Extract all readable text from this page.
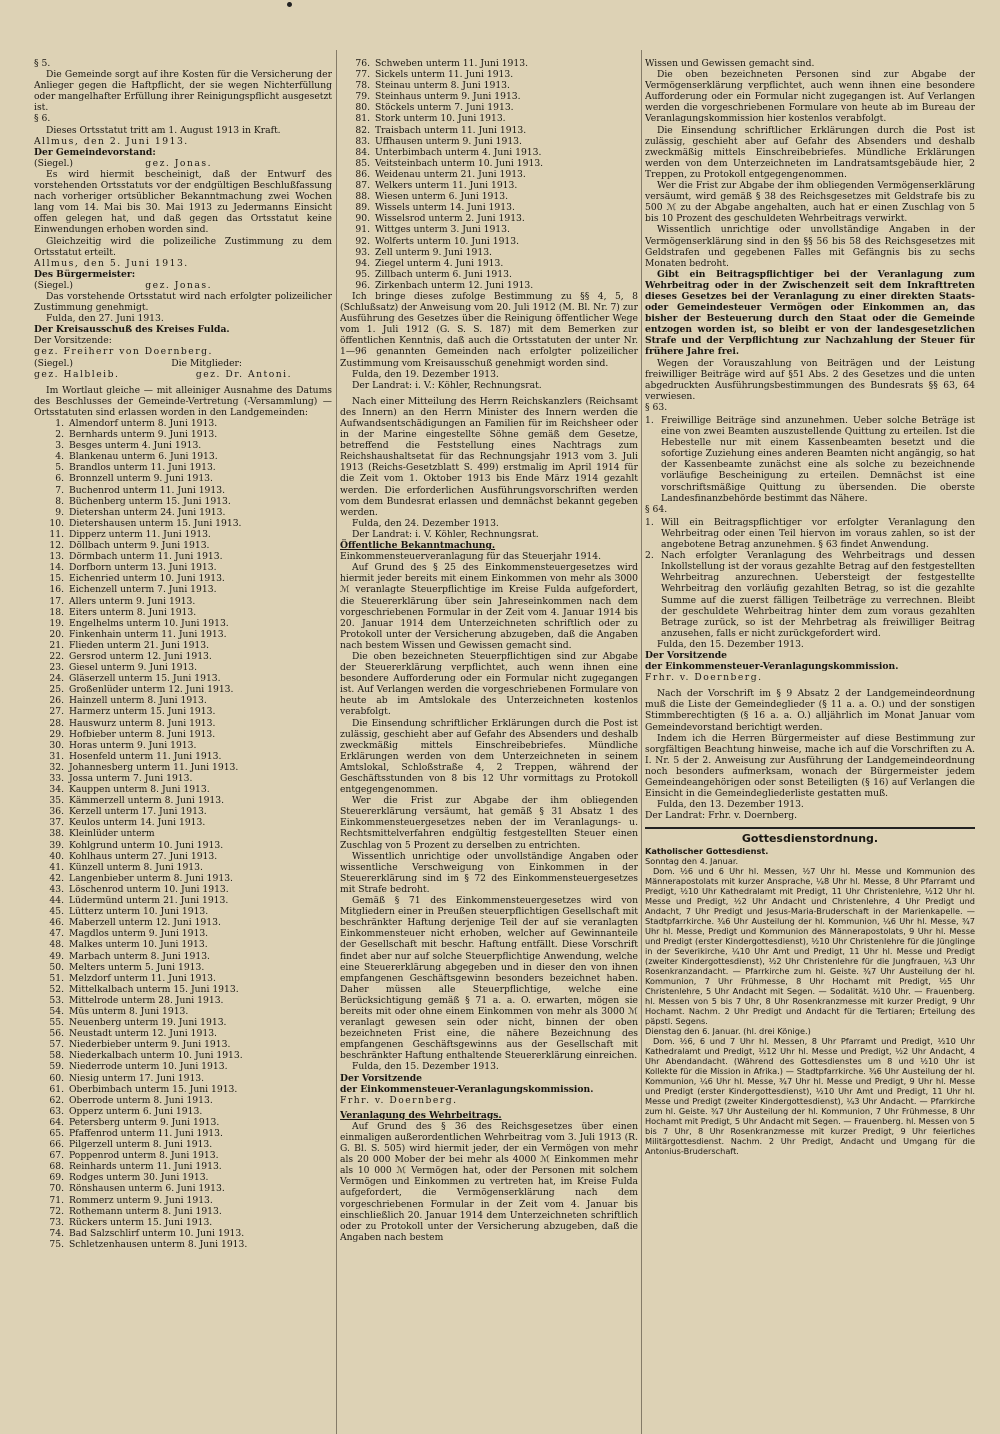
§ 5.

Die Gemeinde sorgt auf ihre Kosten für die Versicherung der Anlieger gegen die Haftpflicht, der sie wegen Nichterfüllung oder mangelhafter Erfüllung ihrer Reinigungspflicht ausgesetzt ist.

§ 6.

Dieses Ortsstatut tritt am 1. August 1913 in Kraft.

Allmus, den 2. Juni 1913.

Der Gemeindevorstand:

(Siegel.)	gez. Jonas.

Es wird hiermit bescheinigt, daß der Entwurf des vorstehenden Ortsstatuts vor der endgültigen Beschlußfassung nach vorheriger ortsüblicher Bekanntmachung zwei Wochen lang vom 14. Mai bis 30. Mai 1913 zu Jedermanns Einsicht offen gelegen hat, und daß gegen das Ortsstatut keine Einwendungen erhoben worden sind.

Gleichzeitig wird die polizeiliche Zustimmung zu dem Ortsstatut erteilt.

Allmus, den 5. Juni 1913.

Des Bürgermeister:

(Siegel.)	gez. Jonas.

Das vorstehende Ortsstatut wird nach erfolgter polizeilicher Zustimmung genehmigt.

Fulda, den 27. Juni 1913.

Der Kreisausschuß des Kreises Fulda.

Der Vorsitzende:

gez. Freiherr von Doernberg.

(Siegel.)	Die Mitglieder:
gez. Halbleib.	gez. Dr. Antoni.

Im Wortlaut gleiche — mit alleiniger Ausnahme des Datums des Beschlusses der Gemeinde-Vertretung (-Versammlung) — Ortsstatuten sind erlassen worden in den Landgemeinden:

1. Almendorf unterm 8. Juni 1913.
2. Bernhards unterm 9. Juni 1913.
3. Besges unterm 4. Juni 1913.
4. Blankenau unterm 6. Juni 1913.
5. Brandlos unterm 11. Juni 1913.
6. Bronnzell unterm 9. Juni 1913.
7. Buchenrod unterm 11. Juni 1913.
8. Büchenberg unterm 15. Juni 1913.
9. Dietershan unterm 24. Juni 1913.
10. Dietershausen unterm 15. Juni 1913.
11. Dipperz unterm 11. Juni 1913.
12. Döllbach unterm 9. Juni 1913.
13. Dörmbach unterm 11. Juni 1913.
14. Dorfborn unterm 13. Juni 1913.
15. Eichenried unterm 10. Juni 1913.
16. Eichenzell unterm 7. Juni 1913.
17. Allers unterm 9. Juni 1913.
18. Eiters unterm 8. Juni 1913.
19. Engelhelms unterm 10. Juni 1913.
20. Finkenhain unterm 11. Juni 1913.
21. Flieden unterm 21. Juni 1913.
22. Gersrod unterm 12. Juni 1913.
23. Giesel unterm 9. Juni 1913.
24. Gläserzell unterm 15. Juni 1913.
25. Großenlüder unterm 12. Juni 1913.
26. Hainzell unterm 8. Juni 1913.
27. Harmerz unterm 15. Juni 1913.
28. Hauswurz unterm 8. Juni 1913.
29. Hofbieber unterm 8. Juni 1913.
30. Horas unterm 9. Juni 1913.
31. Hosenfeld unterm 11. Juni 1913.
32. Johannesberg unterm 11. Juni 1913.
33. Jossa unterm 7. Juni 1913.
34. Kauppen unterm 8. Juni 1913.
35. Kämmerzell unterm 8. Juni 1913.
36. Kerzell unterm 17. Juni 1913.
37. Keulos unterm 14. Juni 1913.
38. Kleinlüder unterm
39. Kohlgrund unterm 10. Juni 1913.
40. Kohlhaus unterm 27. Juni 1913.
41. Künzell unterm 8. Juni 1913.
42. Langenbieber unterm 8. Juni 1913.
43. Löschenrod unterm 10. Juni 1913.
44. Lüdermünd unterm 21. Juni 1913.
45. Lütterz unterm 10. Juni 1913.
46. Maberzell unterm 12. Juni 1913.
47. Magdlos unterm 9. Juni 1913.
48. Malkes unterm 10. Juni 1913.
49. Marbach unterm 8. Juni 1913.
50. Melters unterm 5. Juni 1913.
51. Melzdorf unterm 11. Juni 1913.
52. Mittelkalbach unterm 15. Juni 1913.
53. Mittelrode unterm 28. Juni 1913.
54. Müs unterm 8. Juni 1913.
55. Neuenberg unterm 19. Juni 1913.
56. Neustadt unterm 12. Juni 1913.
57. Niederbieber unterm 9. Juni 1913.
58. Niederkalbach unterm 10. Juni 1913.
59. Niederrode unterm 10. Juni 1913.
60. Niesig unterm 17. Juni 1913.
61. Oberbimbach unterm 15. Juni 1913.
62. Oberrode unterm 8. Juni 1913.
63. Opperz unterm 6. Juni 1913.
64. Petersberg unterm 9. Juni 1913.
65. Pfaffenrod unterm 11. Juni 1913.
66. Pilgerzell unterm 8. Juni 1913.
67. Poppenrod unterm 8. Juni 1913.
68. Reinhards unterm 11. Juni 1913.
69. Rodges unterm 30. Juni 1913.
70. Rönshausen unterm 6. Juni 1913.
71. Rommerz unterm 9. Juni 1913.
72. Rothemann unterm 8. Juni 1913.
73. Rückers unterm 15. Juni 1913.
74. Bad Salzschlirf unterm 10. Juni 1913.
75. Schletzenhausen unterm 8. Juni 1913.
76. Schweben unterm 11. Juni 1913.
77. Sickels unterm 11. Juni 1913.
78. Steinau unterm 8. Juni 1913.
79. Steinhaus unterm 9. Juni 1913.
80. Stöckels unterm 7. Juni 1913.
81. Stork unterm 10. Juni 1913.
82. Traisbach unterm 11. Juni 1913.
83. Uffhausen unterm 9. Juni 1913.
84. Unterbimbach unterm 4. Juni 1913.
85. Veitsteinbach unterm 10. Juni 1913.
86. Weidenau unterm 21. Juni 1913.
87. Welkers unterm 11. Juni 1913.
88. Wiesen unterm 6. Juni 1913.
89. Wissels unterm 14. Juni 1913.
90. Wisselsrod unterm 2. Juni 1913.
91. Wittges unterm 3. Juni 1913.
92. Wolferts unterm 10. Juni 1913.
93. Zell unterm 9. Juni 1913.
94. Ziegel unterm 4. Juni 1913.
95. Zillbach unterm 6. Juni 1913.
96. Zirkenbach unterm 12. Juni 1913.

Ich bringe dieses zufolge Bestimmung zu §§ 4, 5, 8 (Schlußsatz) der Anweisung vom 20. Juli 1912 (M. Bl. Nr. 7) zur Ausführung des Gesetzes über die Reinigung öffentlicher Wege vom 1. Juli 1912 (G. S. S. 187) mit dem Bemerken zur öffentlichen Kenntnis, daß auch die Ortsstatuten der unter Nr. 1—96 genannten Gemeinden nach erfolgter polizeilicher Zustimmung vom Kreisausschuß genehmigt worden sind.

Fulda, den 19. Dezember 1913.

Der Landrat: i. V.: Köhler, Rechnungsrat.

Nach einer Mitteilung des Herrn Reichskanzlers (Reichsamt des Innern) an den Herrn Minister des Innern werden die Aufwandsentschädigungen an Familien für im Reichsheer oder in der Marine eingestellte Söhne gemäß dem Gesetze, betreffend die Feststellung eines Nachtrags zum Reichshaushaltsetat für das Rechnungsjahr 1913 vom 3. Juli 1913 (Reichs-Gesetzblatt S. 499) erstmalig im April 1914 für die Zeit vom 1. Oktober 1913 bis Ende März 1914 gezahlt werden. Die erforderlichen Ausführungsvorschriften werden vom dem Bundesrat erlassen und demnächst bekannt gegeben werden.

Fulda, den 24. Dezember 1913.

Der Landrat: i. V. Köhler, Rechnungsrat.

Öffentliche Bekanntmachung.

Einkommensteuerveranlagung für das Steuerjahr 1914.

Auf Grund des § 25 des Einkommensteuergesetzes wird hiermit jeder bereits mit einem Einkommen von mehr als 3000 ℳ veranlagte Steuerpflichtige im Kreise Fulda aufgefordert, die Steuererklärung über sein Jahreseinkommen nach dem vorgeschriebenen Formular in der Zeit vom 4. Januar 1914 bis 20. Januar 1914 dem Unterzeichneten schriftlich oder zu Protokoll unter der Versicherung abzugeben, daß die Angaben nach bestem Wissen und Gewissen gemacht sind.

Die oben bezeichneten Steuerpflichtigen sind zur Abgabe der Steuererklärung verpflichtet, auch wenn ihnen eine besondere Aufforderung oder ein Formular nicht zugegangen ist. Auf Verlangen werden die vorgeschriebenen Formulare von heute ab im Amtslokale des Unterzeichneten kostenlos verabfolgt.

Die Einsendung schriftlicher Erklärungen durch die Post ist zulässig, geschieht aber auf Gefahr des Absenders und deshalb zweckmäßig mittels Einschreibebriefes. Mündliche Erklärungen werden von dem Unterzeichneten in seinem Amtslokal, Schloßstraße 4, 2 Treppen, während der Geschäftsstunden von 8 bis 12 Uhr vormittags zu Protokoll entgegengenommen.

Wer die Frist zur Abgabe der ihm obliegenden Steuererklärung versäumt, hat gemäß § 31 Absatz 1 des Einkommensteuergesetzes neben der im Veranlagungs- u. Rechtsmittelverfahren endgültig festgestellten Steuer einen Zuschlag von 5 Prozent zu derselben zu entrichten.

Wissentlich unrichtige oder unvollständige Angaben oder wissentliche Verschweigung von Einkommen in der Steuererklärung sind im § 72 des Einkommensteuergesetzes mit Strafe bedroht.

Gemäß § 71 des Einkommensteuergesetzes wird von Mitgliedern einer in Preußen steuerpflichtigen Gesellschaft mit beschränkter Haftung derjenige Teil der auf sie veranlagten Einkommensteuer nicht erhoben, welcher auf Gewinnanteile der Gesellschaft mit beschr. Haftung entfällt. Diese Vorschrift findet aber nur auf solche Steuerpflichtige Anwendung, welche eine Steuererklärung abgegeben und in dieser den von ihnen empfangenen Geschäftsgewinn besonders bezeichnet haben. Daher müssen alle Steuerpflichtige, welche eine Berücksichtigung gemäß § 71 a. a. O. erwarten, mögen sie bereits mit oder ohne einem Einkommen von mehr als 3000 ℳ veranlagt gewesen sein oder nicht, binnen der oben bezeichneten Frist eine, die nähere Bezeichnung des empfangenen Geschäftsgewinns aus der Gesellschaft mit beschränkter Haftung enthaltende Steuererklärung einreichen.

Fulda, den 15. Dezember 1913.

Der Vorsitzende

der Einkommensteuer-Veranlagungskommission.

Frhr. v. Doernberg.

Veranlagung des Wehrbeitrags.

Auf Grund des § 36 des Reichsgesetzes über einen einmaligen außerordentlichen Wehrbeitrag vom 3. Juli 1913 (R. G. Bl. S. 505) wird hiermit jeder, der ein Vermögen von mehr als 20 000 Mober der bei mehr als 4000 ℳ Einkommen mehr als 10 000 ℳ Vermögen hat, oder der Personen mit solchem Vermögen und Einkommen zu vertreten hat, im Kreise Fulda aufgefordert, die Vermögenserklärung nach dem vorgeschriebenen Formular in der Zeit vom 4. Januar bis einschließlich 20. Januar 1914 dem Unterzeichneten schriftlich oder zu Protokoll unter der Versicherung abzugeben, daß die Angaben nach bestem

Wissen und Gewissen gemacht sind.

Die oben bezeichneten Personen sind zur Abgabe der Vermögenserklärung verpflichtet, auch wenn ihnen eine besondere Aufforderung oder ein Formular nicht zugegangen ist. Auf Verlangen werden die vorgeschriebenen Formulare von heute ab im Bureau der Veranlagungskommission hier kostenlos verabfolgt.

Die Einsendung schriftlicher Erklärungen durch die Post ist zulässig, geschieht aber auf Gefahr des Absenders und deshalb zweckmäßig mittels Einschreibebriefes. Mündliche Erklärungen werden von dem Unterzeichneten im Landratsamtsgebäude hier, 2 Treppen, zu Protokoll entgegengenommen.

Wer die Frist zur Abgabe der ihm obliegenden Vermögenserklärung versäumt, wird gemäß § 38 des Reichsgesetzes mit Geldstrafe bis zu 500 ℳ zu der Abgabe angehalten, auch hat er einen Zuschlag von 5 bis 10 Prozent des geschuldeten Wehrbeitrags verwirkt.

Wissentlich unrichtige oder unvollständige Angaben in der Vermögenserklärung sind in den §§ 56 bis 58 des Reichsgesetzes mit Geldstrafen und gegebenen Falles mit Gefängnis bis zu sechs Monaten bedroht.

Gibt ein Beitragspflichtiger bei der Veranlagung zum Wehrbeitrag oder in der Zwischenzeit seit dem Inkrafttreten dieses Gesetzes bei der Veranlagung zu einer direkten Staats- oder Gemeindesteuer Vermögen oder Einkommen an, das bisher der Besteuerung durch den Staat oder die Gemeinde entzogen worden ist, so bleibt er von der landesgesetzlichen Strafe und der Verpflichtung zur Nachzahlung der Steuer für frühere Jahre frei.

Wegen der Vorauszahlung von Beiträgen und der Leistung freiwilliger Beiträge wird auf §51 Abs. 2 des Gesetzes und die unten abgedruckten Ausführungsbestimmungen des Bundesrats §§ 63, 64 verwiesen.

§ 63.

1. Freiwillige Beiträge sind anzunehmen. Ueber solche Beträge ist eine von zwei Beamten auszustellende Quittung zu erteilen. Ist die Hebestelle nur mit einem Kassenbeamten besetzt und die sofortige Zuziehung eines anderen Beamten nicht angängig, so hat der Kassenbeamte zunächst eine als solche zu bezeichnende vorläufige Bescheinigung zu erteilen. Demnächst ist eine vorschriftsmäßige Quittung zu übersenden. Die oberste Landesfinanzbehörde bestimmt das Nähere.

§ 64.

1. Will ein Beitragspflichtiger vor erfolgter Veranlagung den Wehrbeitrag oder einen Teil hiervon im voraus zahlen, so ist der angebotene Betrag anzunehmen. § 63 findet Anwendung.
2. Nach erfolgter Veranlagung des Wehrbeitrags und dessen Inkollstellung ist der voraus gezahlte Betrag auf den festgestellten Wehrbeitrag anzurechnen. Uebersteigt der festgestellte Wehrbeitrag den vorläufig gezahlten Betrag, so ist die gezahlte Summe auf die zuerst fälligen Teilbeträge zu verrechnen. Bleibt der geschuldete Wehrbeitrag hinter dem zum voraus gezahlten Betrage zurück, so ist der Mehrbetrag als freiwilliger Beitrag anzusehen, falls er nicht zurückgefordert wird.

Fulda, den 15. Dezember 1913.

Der Vorsitzende

der Einkommensteuer-Veranlagungskommission.

Frhr. v. Doernberg.

Nach der Vorschrift im § 9 Absatz 2 der Landgemeindeordnung muß die Liste der Gemeindeglieder (§ 11 a. a. O.) und der sonstigen Stimmberechtigten (§ 16 a. a. O.) alljährlich im Monat Januar vom Gemeindevorstand berichtigt werden.

Indem ich die Herren Bürgermeister auf diese Bestimmung zur sorgfältigen Beachtung hinweise, mache ich auf die Vorschriften zu A. I. Nr. 5 der 2. Anweisung zur Ausführung der Landgemeindeordnung noch besonders aufmerksam, wonach der Bürgermeister jedem Gemeindeangehörigen oder sonst Beteiligten (§ 16) auf Verlangen die Einsicht in die Gemeindegliederliste gestatten muß.

Fulda, den 13. Dezember 1913.

Der Landrat: Frhr. v. Doernberg.

Gottesdienstordnung.

Katholischer Gottesdienst.

Sonntag den 4. Januar.

Dom. ½6 und 6 Uhr hl. Messen, ½7 Uhr hl. Messe und Kommunion des Männerapostolats mit kurzer Ansprache, ¼8 Uhr hl. Messe, 8 Uhr Pfarramt und Predigt, ½10 Uhr Kathedralamt mit Predigt, 11 Uhr Christenlehre, ½12 Uhr hl. Messe und Predigt, ½2 Uhr Andacht und Christenlehre, 4 Uhr Predigt und Andacht, 7 Uhr Predigt und Jesus-Maria-Bruderschaft in der Marienkapelle. — Stadtpfarrkirche. ¾6 Uhr Austeilung der hl. Kommunion, ¼6 Uhr hl. Messe, ¾7 Uhr hl. Messe, Predigt und Kommunion des Männerapostolats, 9 Uhr hl. Messe und Predigt (erster Kindergottesdienst), ½10 Uhr Christenlehre für die Jünglinge in der Severikirche, ¼10 Uhr Amt und Predigt, 11 Uhr hl. Messe und Predigt (zweiter Kindergottesdienst), ½2 Uhr Christenlehre für die Jungfrauen, ¼3 Uhr Rosenkranzandacht. — Pfarrkirche zum hl. Geiste. ¾7 Uhr Austeilung der hl. Kommunion, 7 Uhr Frühmesse, 8 Uhr Hochamt mit Predigt, ½5 Uhr Christenlehre, 5 Uhr Andacht mit Segen. — Sodalität. ½10 Uhr. — Frauenberg. hl. Messen von 5 bis 7 Uhr, 8 Uhr Rosenkranzmesse mit kurzer Predigt, 9 Uhr Hochamt. Nachm. 2 Uhr Predigt und Andacht für die Tertiaren; Erteilung des päpstl. Segens.

Dienstag den 6. Januar. (hl. drei Könige.)

Dom. ½6, 6 und 7 Uhr hl. Messen, 8 Uhr Pfarramt und Predigt, ½10 Uhr Kathedralamt und Predigt, ½12 Uhr hl. Messe und Predigt, ½2 Uhr Andacht, 4 Uhr Abendandacht. (Während des Gottesdienstes um 8 und ½10 Uhr ist Kollekte für die Mission in Afrika.) — Stadtpfarrkirche. ¾6 Uhr Austeilung der hl. Kommunion, ¼6 Uhr hl. Messe, ¾7 Uhr hl. Messe und Predigt, 9 Uhr hl. Messe und Predigt (erster Kindergottesdienst), ½10 Uhr Amt und Predigt, 11 Uhr hl. Messe und Predigt (zweiter Kindergottesdienst), ¼3 Uhr Andacht. — Pfarrkirche zum hl. Geiste. ¾7 Uhr Austeilung der hl. Kommunion, 7 Uhr Frühmesse, 8 Uhr Hochamt mit Predigt, 5 Uhr Andacht mit Segen. — Frauenberg. hl. Messen von 5 bis 7 Uhr, 8 Uhr Rosenkranzmesse mit kurzer Predigt, 9 Uhr feierliches Militärgottesdienst. Nachm. 2 Uhr Predigt, Andacht und Umgang für die Antonius-Bruderschaft.
